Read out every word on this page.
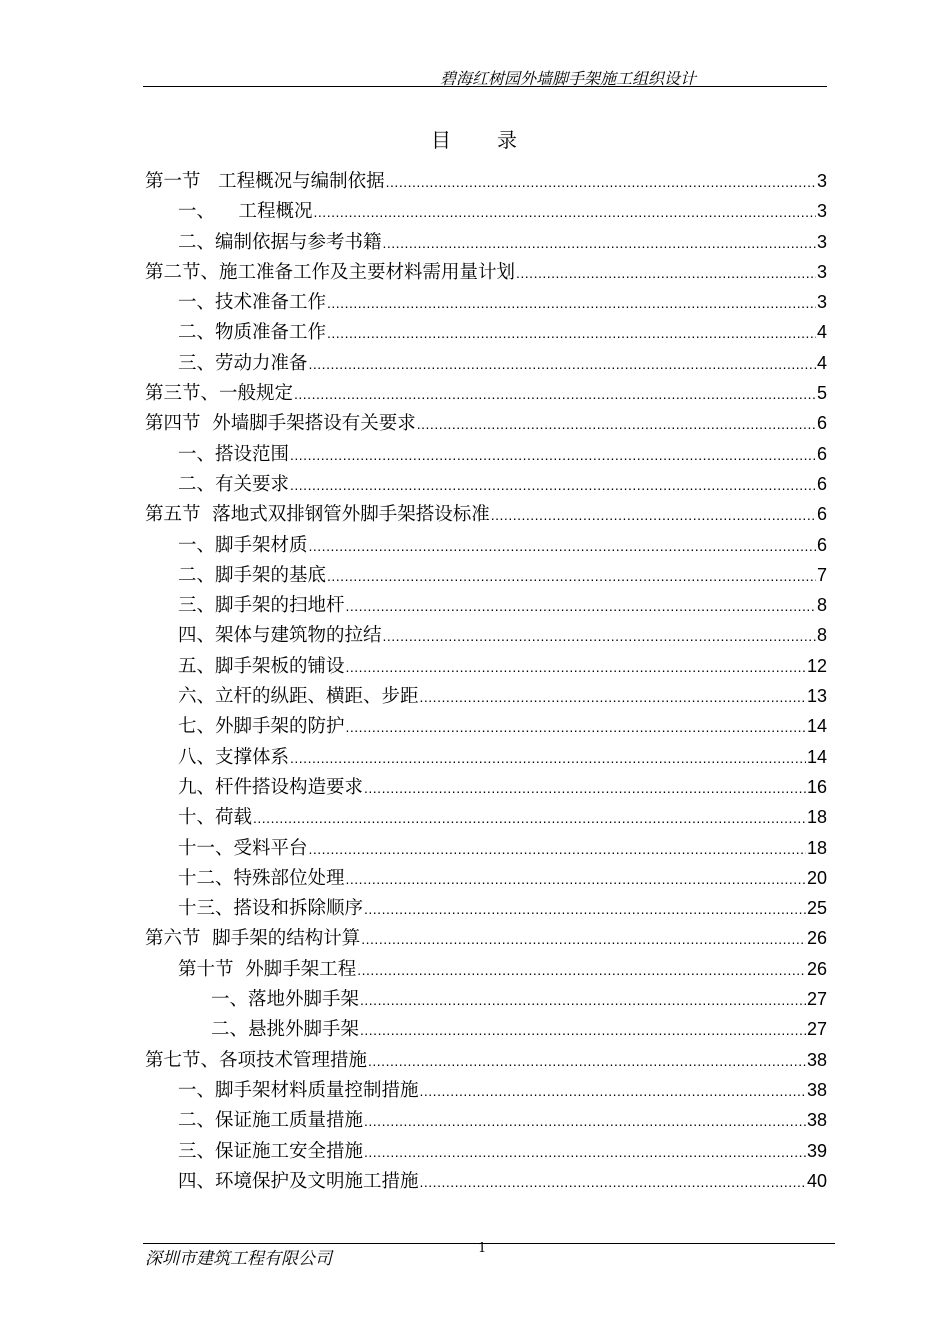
碧海红树园外墙脚手架施工组织设计
目 录
第一节   工程概况与编制依据 .....	3
一、    工程概况 .....	3
二、编制依据与参考书籍 .....	3
第二节、施工准备工作及主要材料需用量计划 .....	3
一、技术准备工作 .....	3
二、物质准备工作 .....	4
三、劳动力准备 .....	4
第三节、一般规定 .....	5
第四节  外墙脚手架搭设有关要求 .....	6
一、搭设范围 .....	6
二、有关要求 .....	6
第五节  落地式双排钢管外脚手架搭设标准 .....	6
一、脚手架材质 .....	6
二、脚手架的基底 .....	7
三、脚手架的扫地杆 .....	8
四、架体与建筑物的拉结 .....	8
五、脚手架板的铺设 .....	12
六、立杆的纵距、横距、步距 .....	13
七、外脚手架的防护 .....	14
八、支撑体系 .....	14
九、杆件搭设构造要求 .....	16
十、荷载 .....	18
十一、受料平台 .....	18
十二、特殊部位处理 .....	20
十三、搭设和拆除顺序 .....	25
第六节  脚手架的结构计算 .....	26
第十节  外脚手架工程 .....	26
一、落地外脚手架 .....	27
二、悬挑外脚手架 .....	27
第七节、各项技术管理措施 .....	38
一、脚手架材料质量控制措施 .....	38
二、保证施工质量措施 .....	38
三、保证施工安全措施 .....	39
四、环境保护及文明施工措施 .....	40
深圳市建筑工程有限公司
1
